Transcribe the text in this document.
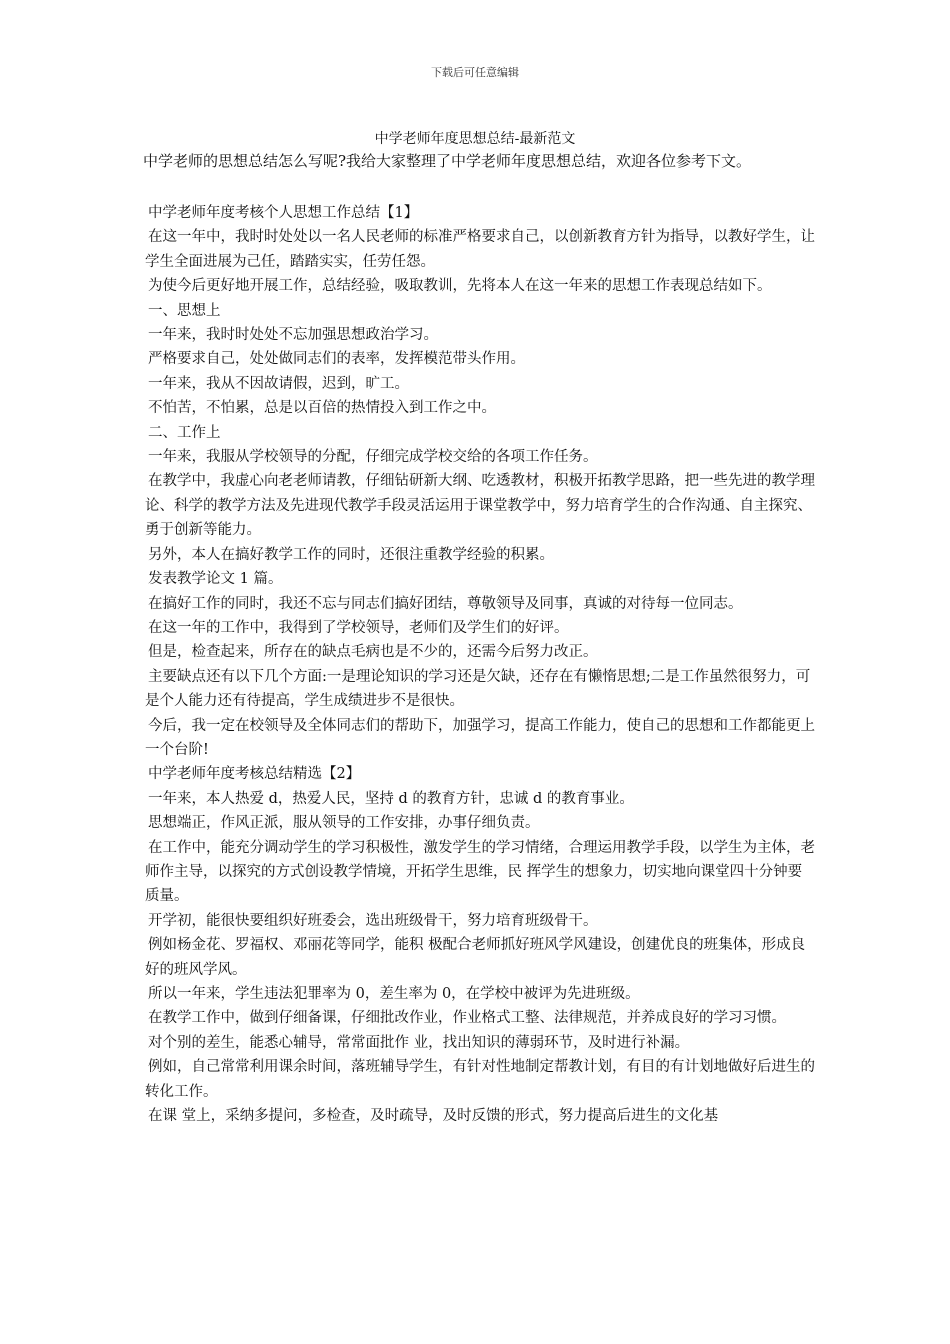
下载后可任意编辑
中学老师年度思想总结-最新范文
中学老师的思想总结怎么写呢?我给大家整理了中学老师年度思想总结，欢迎各位参考下文。

中学老师年度考核个人思想工作总结【1】

在这一年中，我时时处处以一名人民老师的标准严格要求自己，以创新教育方针为指导，以教好学生，让学生全面进展为己任，踏踏实实，任劳任怨。

为使今后更好地开展工作，总结经验，吸取教训，先将本人在这一年来的思想工作表现总结如下。

一、思想上

一年来，我时时处处不忘加强思想政治学习。

严格要求自己，处处做同志们的表率，发挥模范带头作用。

一年来，我从不因故请假，迟到，旷工。

不怕苦，不怕累，总是以百倍的热情投入到工作之中。

二、工作上

一年来，我服从学校领导的分配，仔细完成学校交给的各项工作任务。

在教学中，我虚心向老老师请教，仔细钻研新大纲、吃透教材，积极开拓教学思路，把一些先进的教学理论、科学的教学方法及先进现代教学手段灵活运用于课堂教学中，努力培育学生的合作沟通、自主探究、勇于创新等能力。

另外，本人在搞好教学工作的同时，还很注重教学经验的积累。

发表教学论文 1 篇。

在搞好工作的同时，我还不忘与同志们搞好团结，尊敬领导及同事，真诚的对待每一位同志。

在这一年的工作中，我得到了学校领导，老师们及学生们的好评。

但是，检查起来，所存在的缺点毛病也是不少的，还需今后努力改正。

主要缺点还有以下几个方面:一是理论知识的学习还是欠缺，还存在有懒惰思想;二是工作虽然很努力，可是个人能力还有待提高，学生成绩进步不是很快。

今后，我一定在校领导及全体同志们的帮助下，加强学习，提高工作能力，使自己的思想和工作都能更上一个台阶!

中学老师年度考核总结精选【2】

一年来，本人热爱 d，热爱人民，坚持 d 的教育方针，忠诚 d 的教育事业。

思想端正，作风正派，服从领导的工作安排，办事仔细负责。

在工作中，能充分调动学生的学习积极性，激发学生的学习情绪，合理运用教学手段，以学生为主体，老师作主导，以探究的方式创设教学情境，开拓学生思维，民 挥学生的想象力，切实地向课堂四十分钟要质量。

开学初，能很快要组织好班委会，选出班级骨干，努力培育班级骨干。

例如杨金花、罗福权、邓丽花等同学，能积 极配合老师抓好班风学风建设，创建优良的班集体，形成良好的班风学风。

所以一年来，学生违法犯罪率为 0，差生率为 0，在学校中被评为先进班级。

在教学工作中，做到仔细备课，仔细批改作业，作业格式工整、法律规范，并养成良好的学习习惯。

对个别的差生，能悉心辅导，常常面批作 业，找出知识的薄弱环节，及时进行补漏。

例如，自己常常利用课余时间，落班辅导学生，有针对性地制定帮教计划，有目的有计划地做好后进生的转化工作。

在课 堂上，采纳多提问，多检查，及时疏导，及时反馈的形式，努力提高后进生的文化基
